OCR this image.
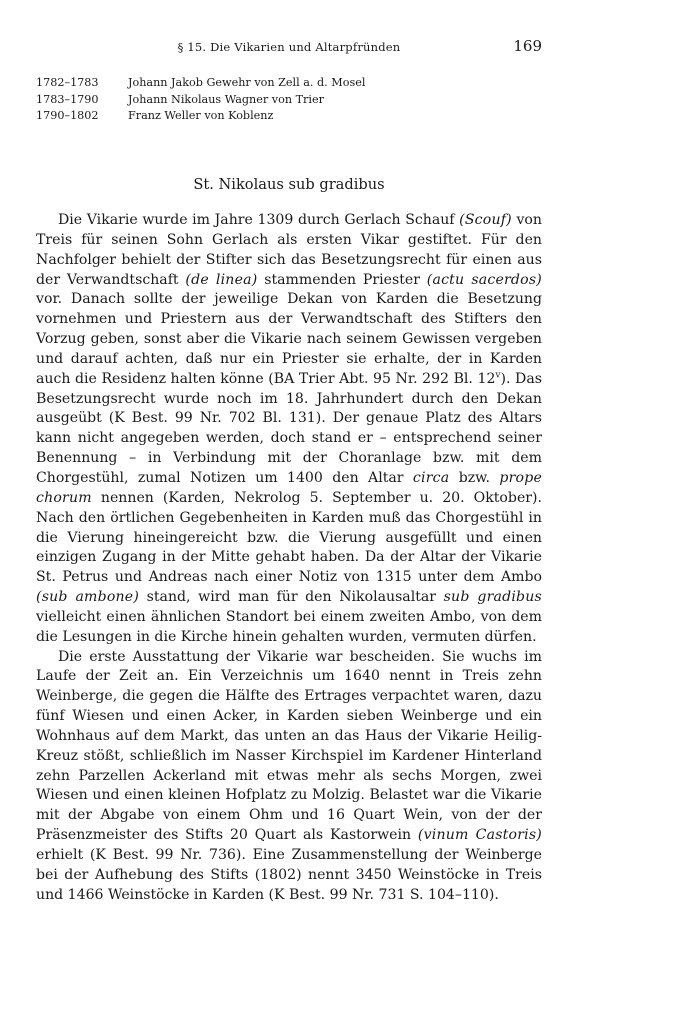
§ 15. Die Vikarien und Altarpfründen	169
1782–1783	Johann Jakob Gewehr von Zell a. d. Mosel
1783–1790	Johann Nikolaus Wagner von Trier
1790–1802	Franz Weller von Koblenz
St. Nikolaus sub gradibus

Die Vikarie wurde im Jahre 1309 durch Gerlach Schauf (Scouf) von Treis für seinen Sohn Gerlach als ersten Vikar gestiftet. Für den Nachfolger behielt der Stifter sich das Besetzungsrecht für einen aus der Verwandtschaft (de linea) stammenden Priester (actu sacerdos) vor. Danach sollte der jeweilige Dekan von Karden die Besetzung vornehmen und Priestern aus der Verwandtschaft des Stifters den Vorzug geben, sonst aber die Vikarie nach seinem Gewissen vergeben und darauf achten, daß nur ein Priester sie erhalte, der in Karden auch die Residenz halten könne (BA Trier Abt. 95 Nr. 292 Bl. 12$^v$). Das Besetzungsrecht wurde noch im 18. Jahrhundert durch den Dekan ausgeübt (K Best. 99 Nr. 702 Bl. 131). Der genaue Platz des Altars kann nicht angegeben werden, doch stand er – entsprechend seiner Benennung – in Verbindung mit der Choranlage bzw. mit dem Chorgestühl, zumal Notizen um 1400 den Altar circa bzw. prope chorum nennen (Karden, Nekrolog 5. September u. 20. Oktober). Nach den örtlichen Gegebenheiten in Karden muß das Chorgestühl in die Vierung hineingereicht bzw. die Vierung ausgefüllt und einen einzigen Zugang in der Mitte gehabt haben. Da der Altar der Vikarie St. Petrus und Andreas nach einer Notiz von 1315 unter dem Ambo (sub ambone) stand, wird man für den Nikolausaltar sub gradibus vielleicht einen ähnlichen Standort bei einem zweiten Ambo, von dem die Lesungen in die Kirche hinein gehalten wurden, vermuten dürfen.

Die erste Ausstattung der Vikarie war bescheiden. Sie wuchs im Laufe der Zeit an. Ein Verzeichnis um 1640 nennt in Treis zehn Weinberge, die gegen die Hälfte des Ertrages verpachtet waren, dazu fünf Wiesen und einen Acker, in Karden sieben Weinberge und ein Wohnhaus auf dem Markt, das unten an das Haus der Vikarie Heilig-Kreuz stößt, schließlich im Nasser Kirchspiel im Kardener Hinterland zehn Parzellen Ackerland mit etwas mehr als sechs Morgen, zwei Wiesen und einen kleinen Hofplatz zu Molzig. Belastet war die Vikarie mit der Abgabe von einem Ohm und 16 Quart Wein, von der der Präsenzmeister des Stifts 20 Quart als Kastorwein (vinum Castoris) erhielt (K Best. 99 Nr. 736). Eine Zusammenstellung der Weinberge bei der Aufhebung des Stifts (1802) nennt 3450 Weinstöcke in Treis und 1466 Weinstöcke in Karden (K Best. 99 Nr. 731 S. 104–110).
